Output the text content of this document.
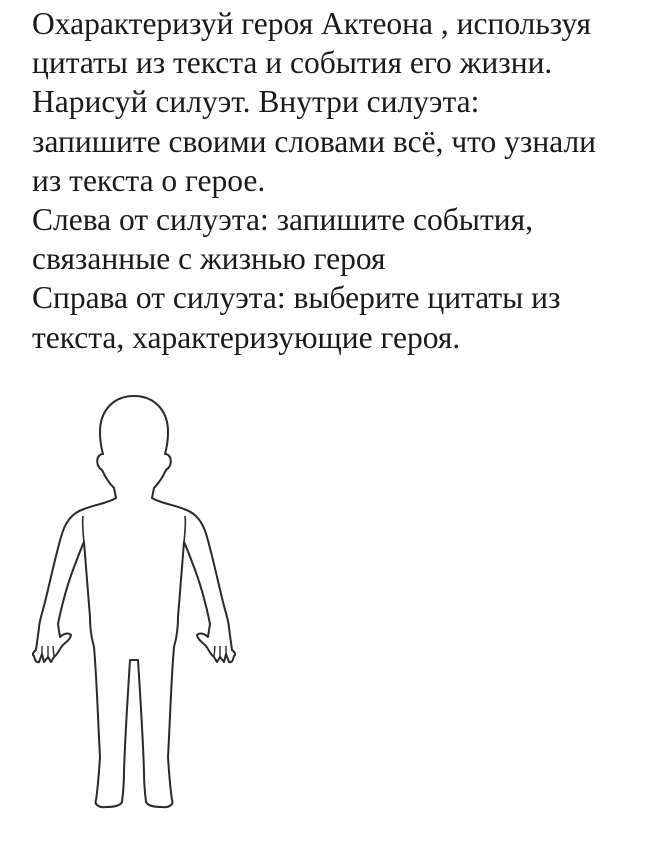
Охарактеризуй героя Актеона , используя
цитаты из текста и события его жизни.
Нарисуй силуэт. Внутри силуэта:
запишите своими словами всё, что узнали
из текста о герое.
Слева от силуэта: запишите события,
связанные с жизнью героя
Справа от силуэта: выберите цитаты из
текста, характеризующие героя.
